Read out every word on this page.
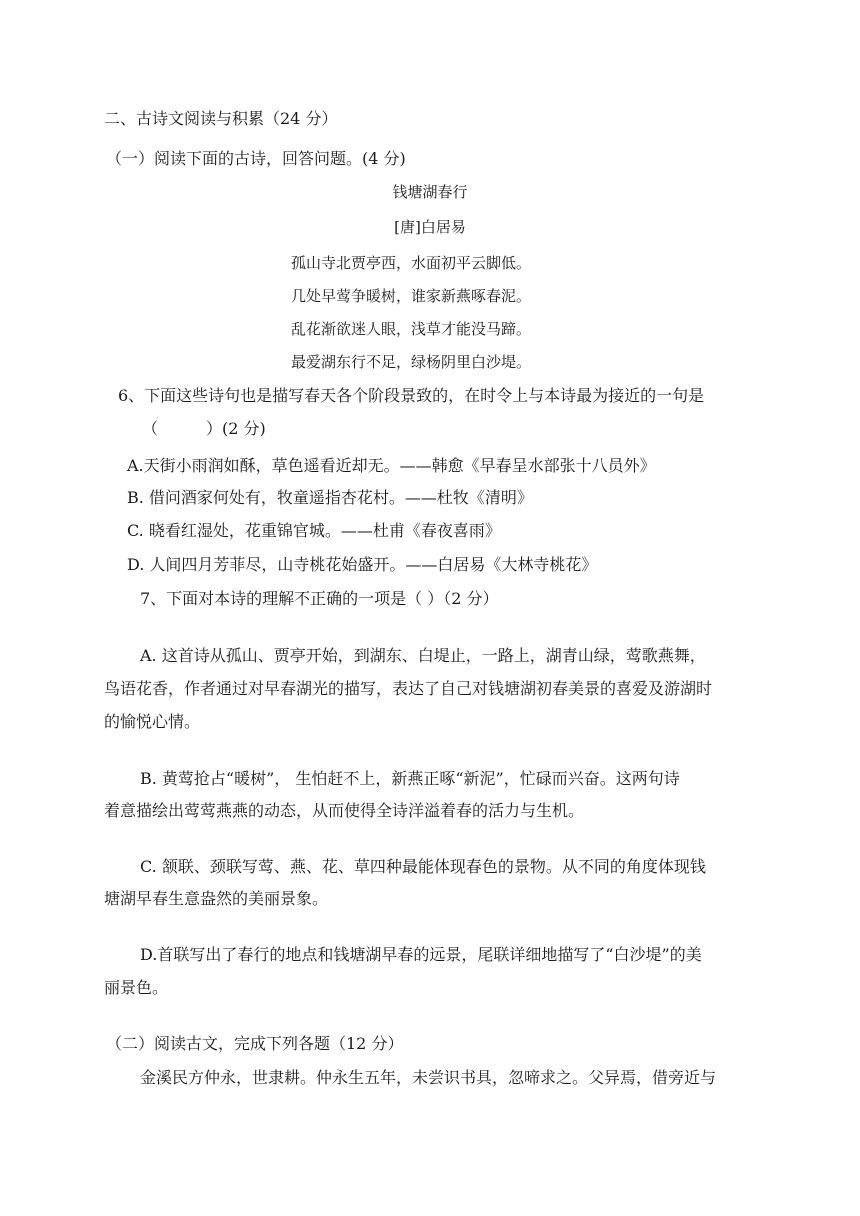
二、古诗文阅读与积累（24 分）
（一）阅读下面的古诗，回答问题。(4 分)
钱塘湖春行
[唐]白居易
孤山寺北贾亭西，水面初平云脚低。
几处早莺争暖树，谁家新燕啄春泥。
乱花渐欲迷人眼，浅草才能没马蹄。
最爱湖东行不足，绿杨阴里白沙堤。
6、下面这些诗句也是描写春天各个阶段景致的，在时令上与本诗最为接近的一句是
（　　　）(2 分)
A.天街小雨润如酥，草色遥看近却无。——韩愈《早春呈水部张十八员外》
B. 借问酒家何处有，牧童遥指杏花村。——杜牧《清明》
C. 晓看红湿处，花重锦官城。——杜甫《春夜喜雨》
D. 人间四月芳菲尽，山寺桃花始盛开。——白居易《大林寺桃花》
7、下面对本诗的理解不正确的一项是（ ）（2 分）
A. 这首诗从孤山、贾亭开始，到湖东、白堤止，一路上，湖青山绿，莺歌燕舞，
鸟语花香，作者通过对早春湖光的描写，表达了自己对钱塘湖初春美景的喜爱及游湖时
的愉悦心情。
B. 黄莺抢占“暖树”， 生怕赶不上，新燕正啄“新泥”，忙碌而兴奋。这两句诗
着意描绘出莺莺燕燕的动态，从而使得全诗洋溢着春的活力与生机。
C. 颔联、颈联写莺、燕、花、草四种最能体现春色的景物。从不同的角度体现钱
塘湖早春生意盎然的美丽景象。
D.首联写出了春行的地点和钱塘湖早春的远景，尾联详细地描写了“白沙堤”的美
丽景色。
（二）阅读古文，完成下列各题（12 分）
金溪民方仲永，世隶耕。仲永生五年，未尝识书具，忽啼求之。父异焉，借旁近与
